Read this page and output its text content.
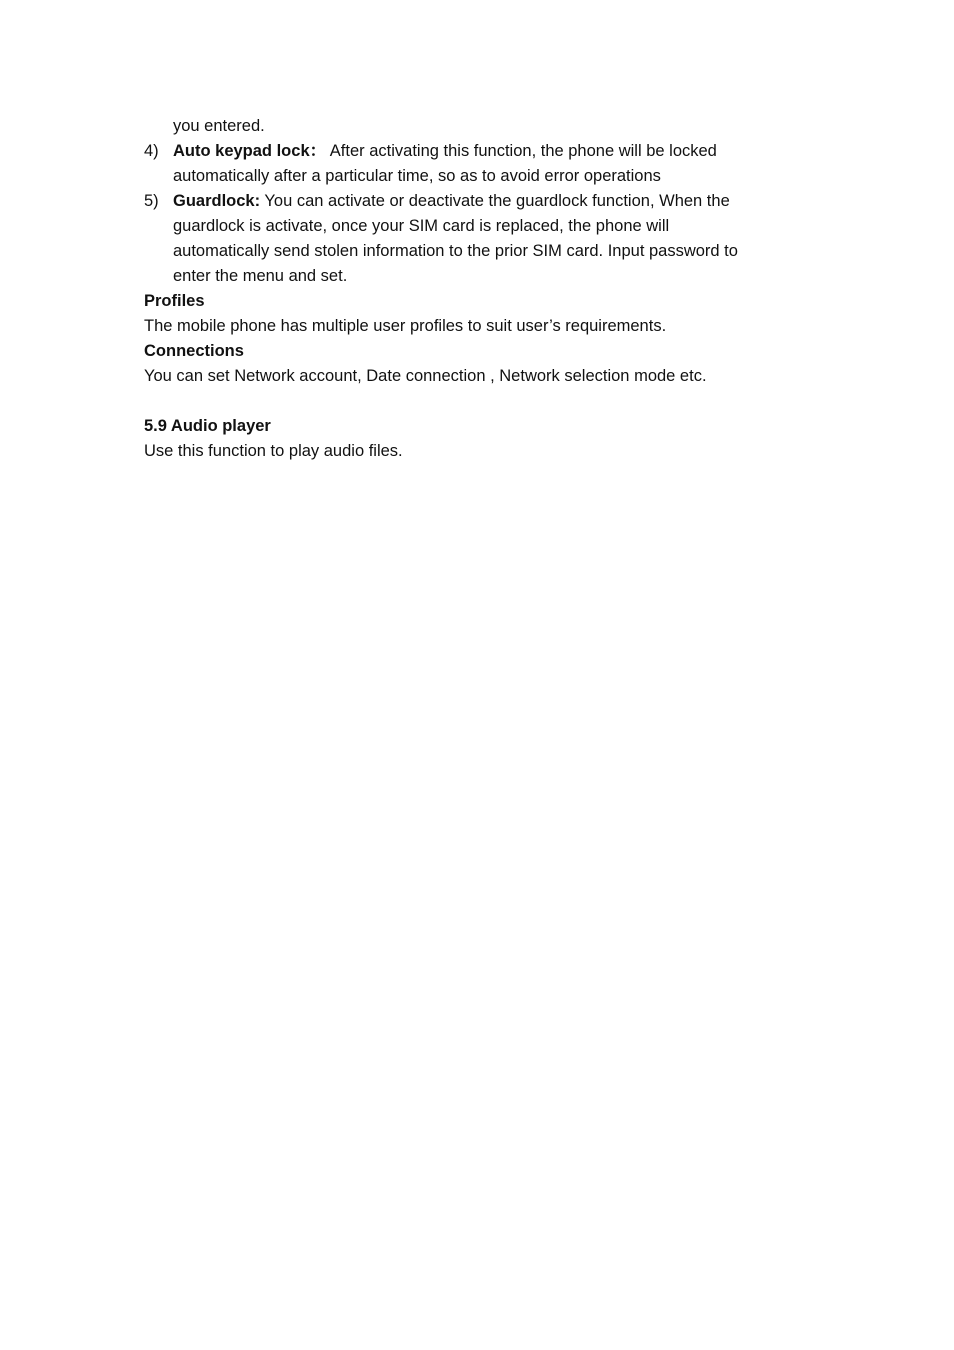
you entered.
4) Auto keypad lock： After activating this function, the phone will be locked
automatically after a particular time, so as to avoid error operations
5) Guardlock: You can activate or deactivate the guardlock function, When the
guardlock is activate, once your SIM card is replaced, the phone will
automatically send stolen information to the prior SIM card. Input password to
enter the menu and set.
Profiles
The mobile phone has multiple user profiles to suit user’s requirements.
Connections
You can set Network account, Date connection , Network selection mode etc.
5.9 Audio player
Use this function to play audio files.
